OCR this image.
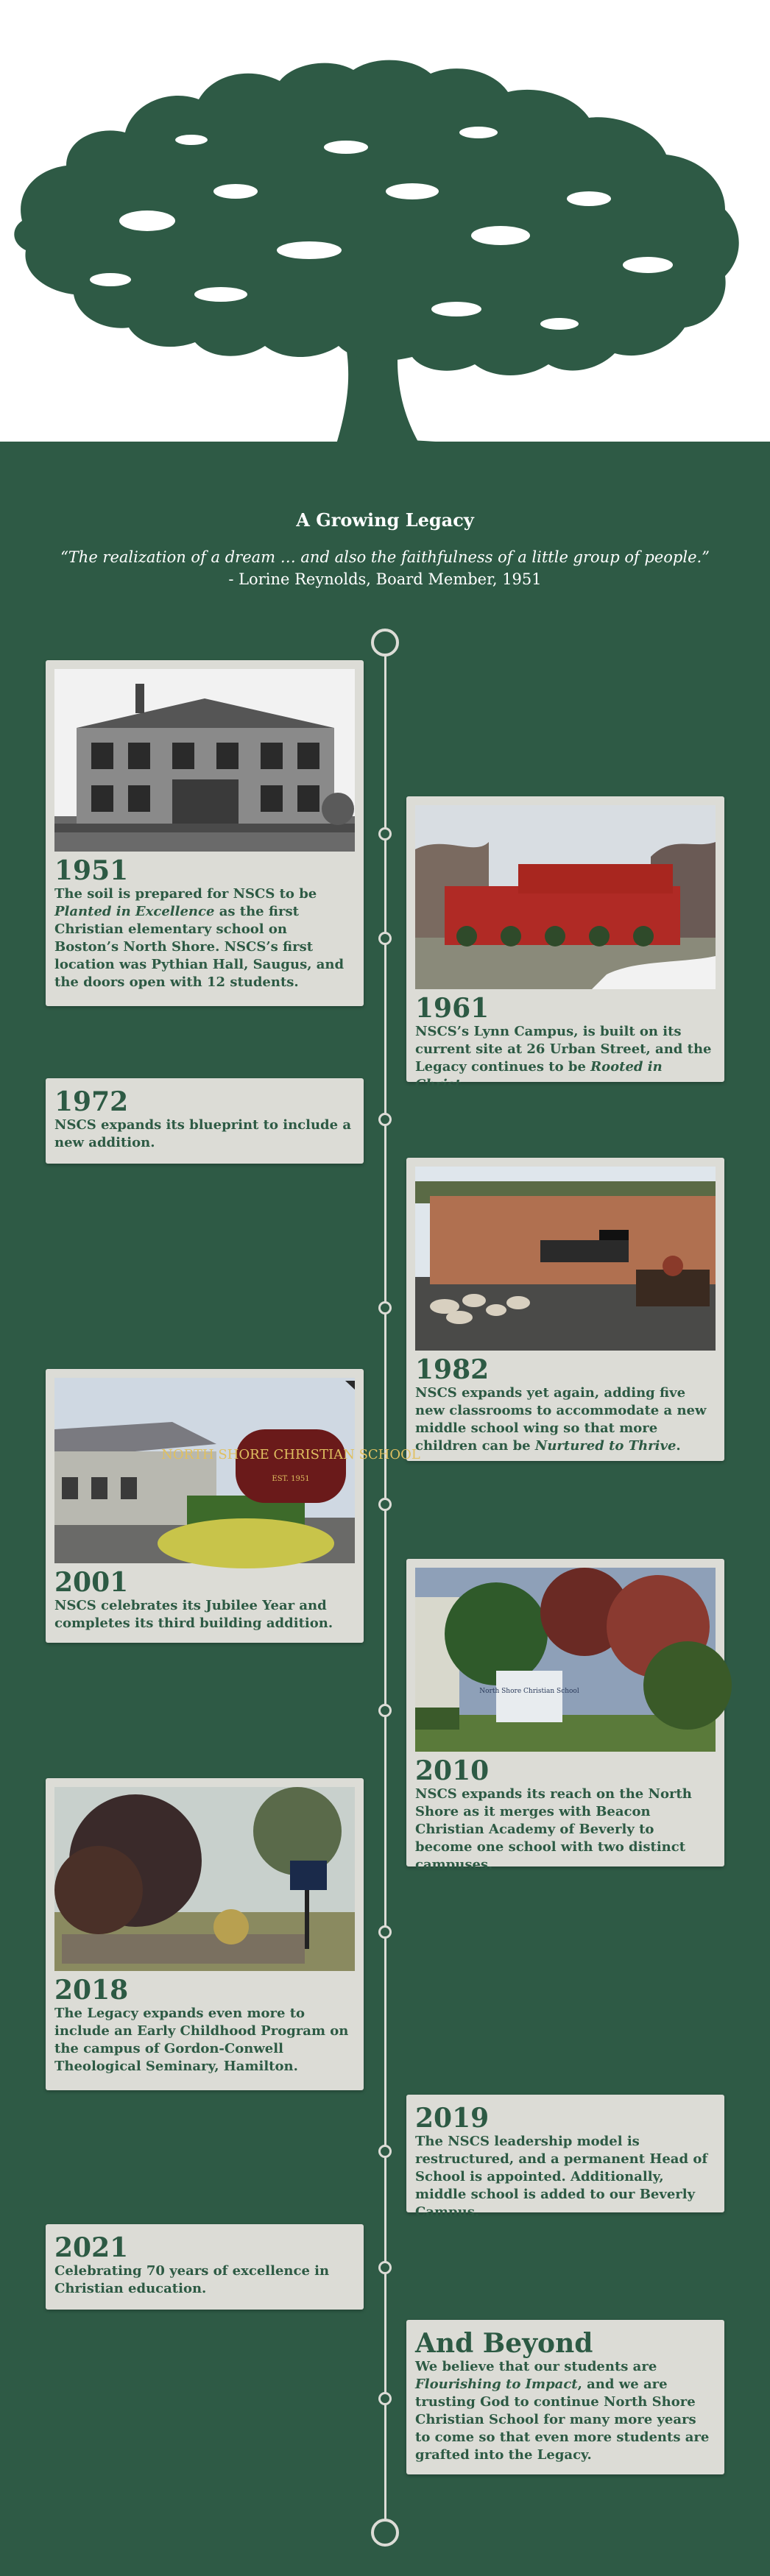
A Growing Legacy
“The realization of a dream … and also the faithfulness of a little group of people.”
- Lorine Reynolds, Board Member, 1951
1951
The soil is prepared for NSCS to be Planted in Excellence as the first Christian elementary school on Boston’s North Shore. NSCS’s first location was Pythian Hall, Saugus, and the doors open with 12 students.
1961
NSCS’s Lynn Campus, is built on its current site at 26 Urban Street, and the Legacy continues to be Rooted in Christ.
1972
NSCS expands its blueprint to include a new addition.
1982
NSCS expands yet again, adding five new classrooms to accommodate a new middle school wing so that more children can be Nurtured to Thrive.
NORTH SHORE CHRISTIAN SCHOOL
EST. 1951
2001
NSCS celebrates its Jubilee Year and completes its third building addition.
North Shore Christian School
2010
NSCS expands its reach on the North Shore as it merges with Beacon Christian Academy of Beverly to become one school with two distinct campuses.
2018
The Legacy expands even more to include an Early Childhood Program on the campus of Gordon-Conwell Theological Seminary, Hamilton.
2019
The NSCS leadership model is restructured, and a permanent Head of School is appointed. Additionally, middle school is added to our Beverly Campus.
2021
Celebrating 70 years of excellence in Christian education.
And Beyond
We believe that our students are Flourishing to Impact, and we are trusting God to continue North Shore Christian School for many more years to come so that even more students are grafted into the Legacy.
